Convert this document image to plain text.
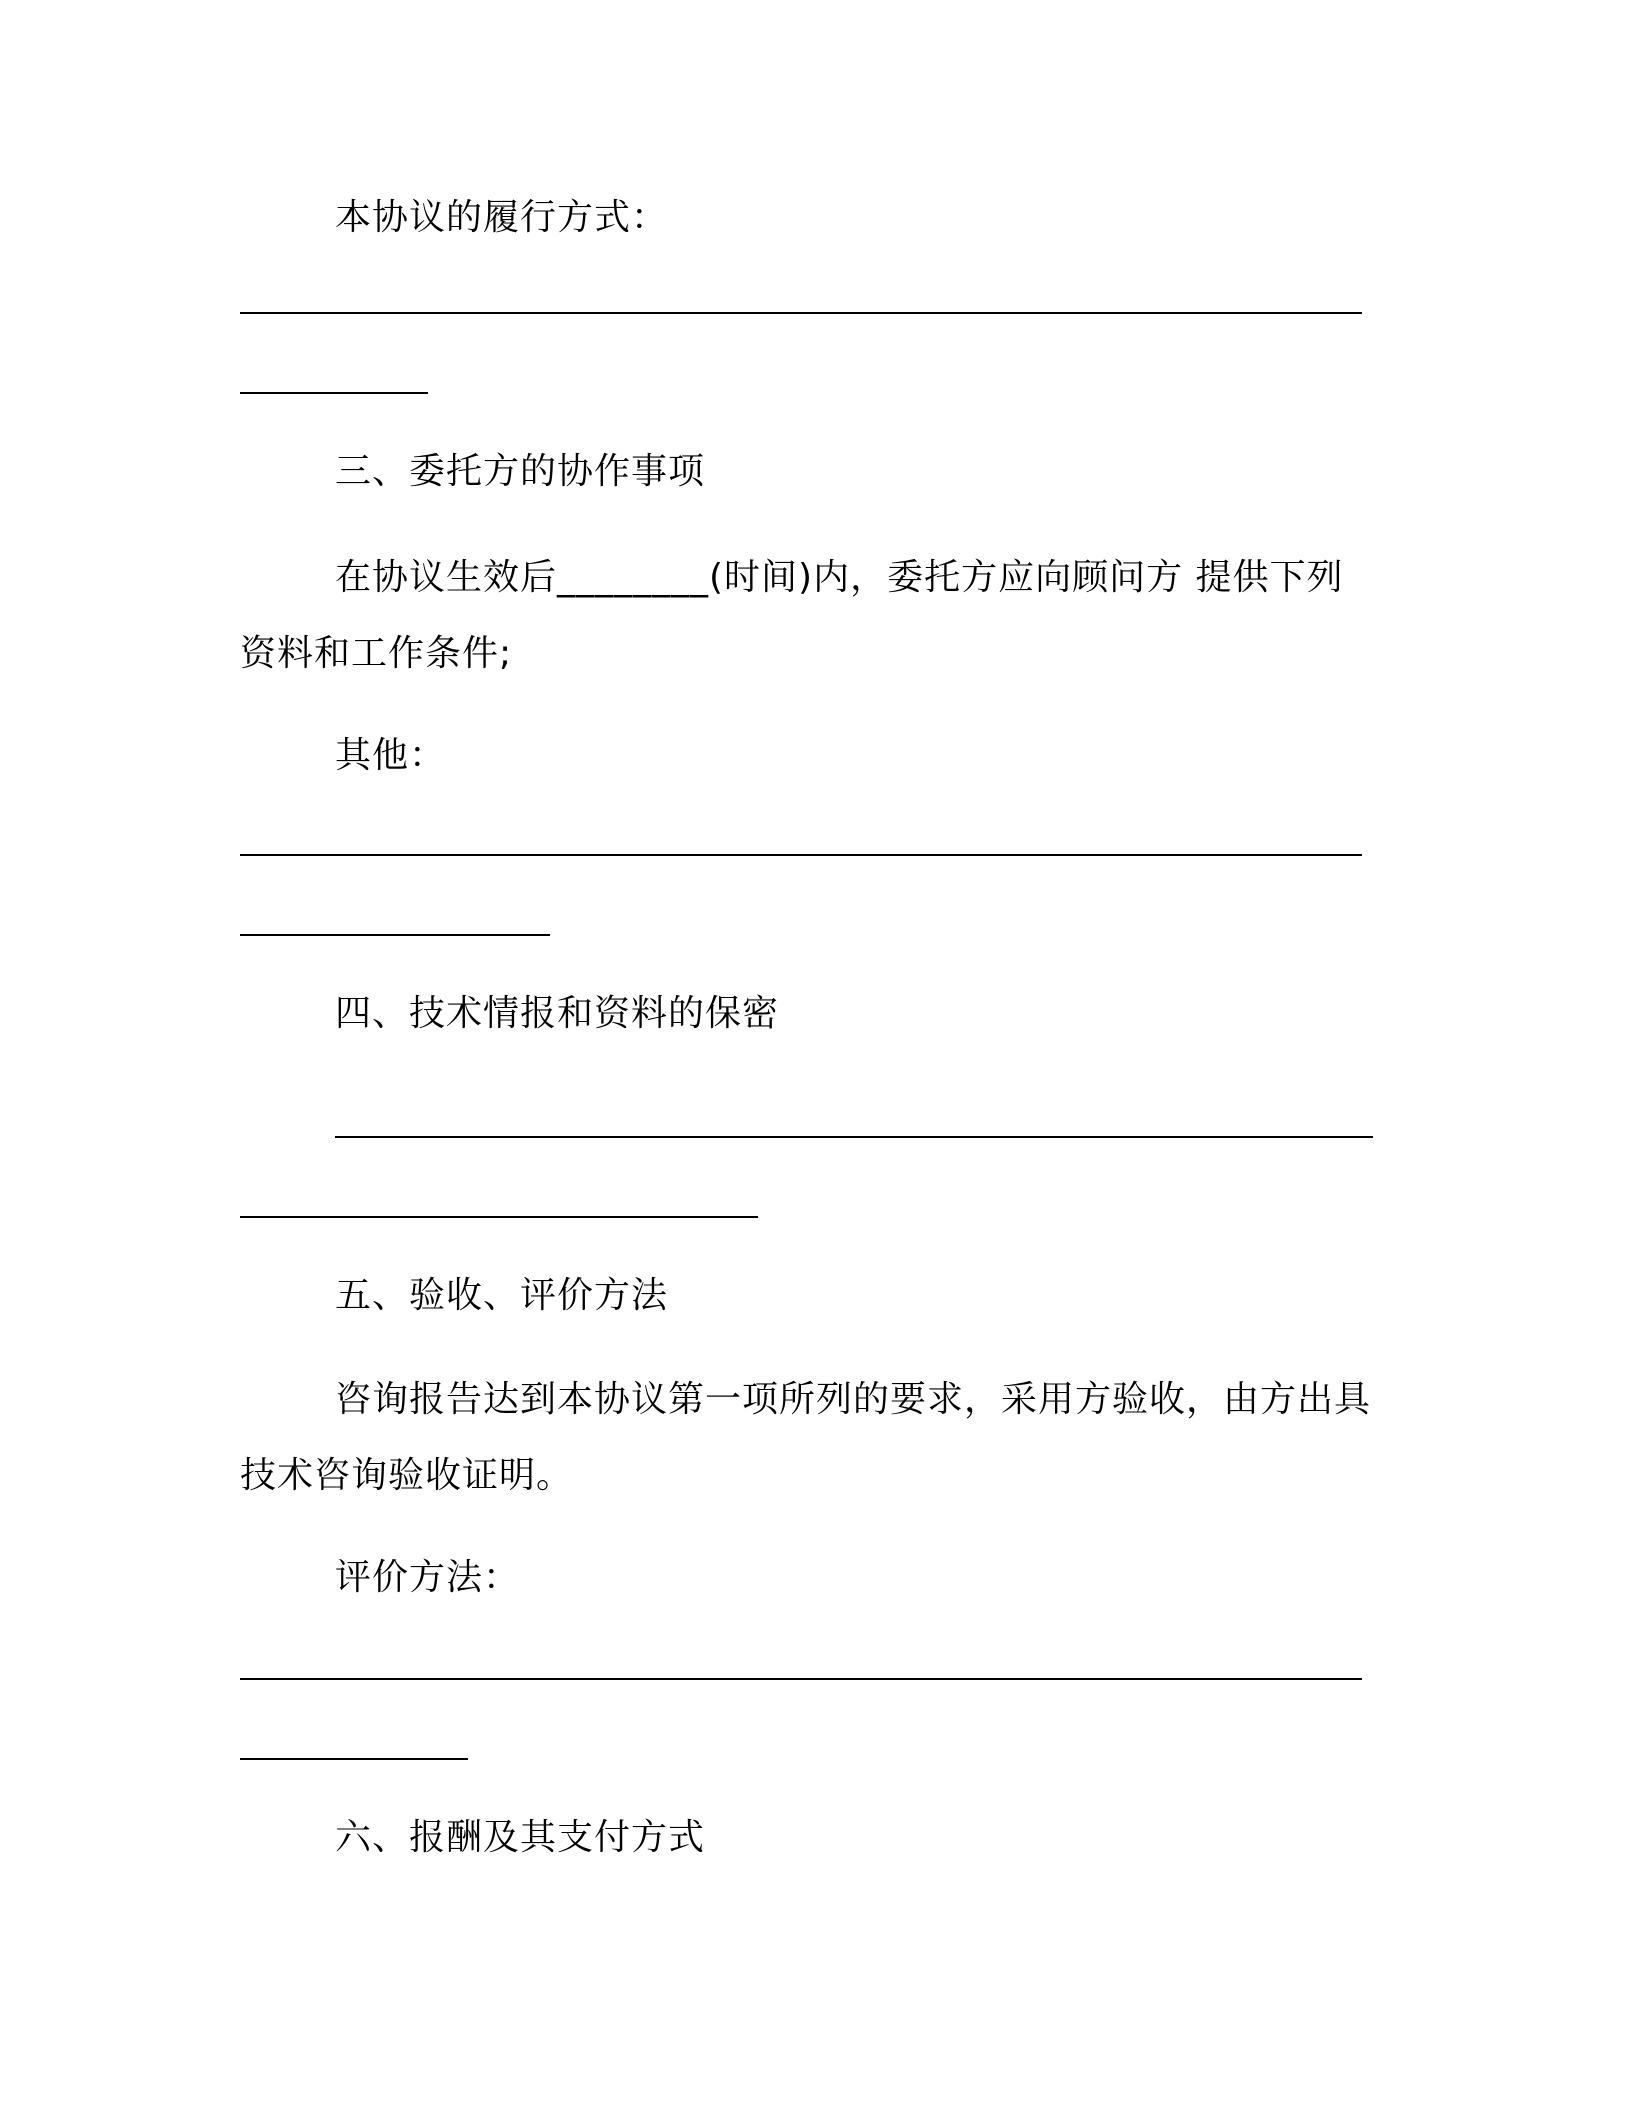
本协议的履行方式：
三、委托方的协作事项
在协议生效后________(时间)内，委托方应向顾问方 提供下列
资料和工作条件;
其他：
四、技术情报和资料的保密
五、验收、评价方法
咨询报告达到本协议第一项所列的要求，采用方验收，由方出具
技术咨询验收证明。
评价方法：
六、报酬及其支付方式
